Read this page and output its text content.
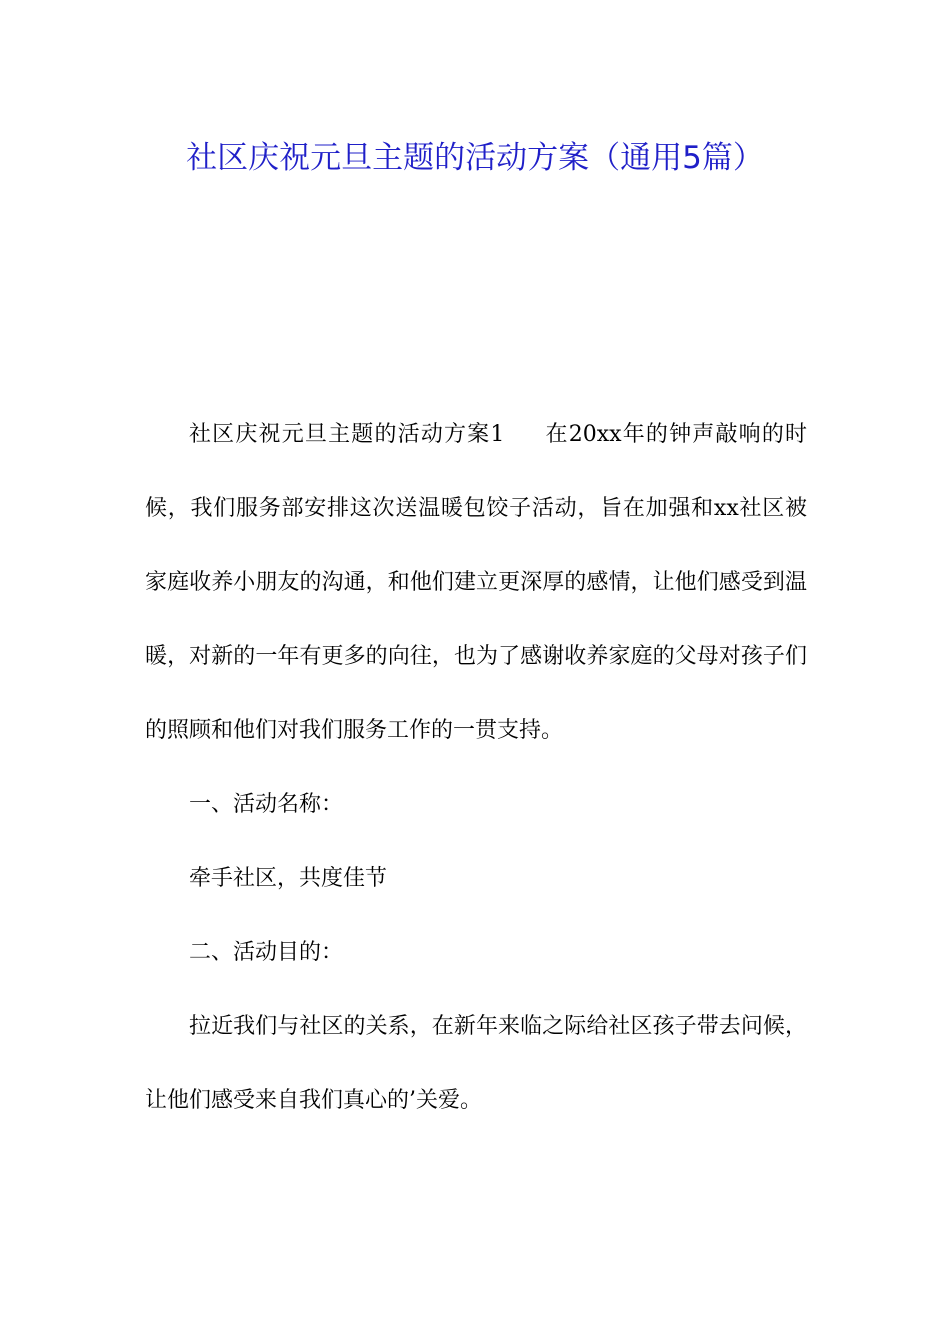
社区庆祝元旦主题的活动方案（通用5篇）

社区庆祝元旦主题的活动方案1 在20xx年的钟声敲响的时候，我们服务部安排这次送温暖包饺子活动，旨在加强和xx社区被家庭收养小朋友的沟通，和他们建立更深厚的感情，让他们感受到温暖，对新的一年有更多的向往，也为了感谢收养家庭的父母对孩子们的照顾和他们对我们服务工作的一贯支持。

一、活动名称：

牵手社区，共度佳节

二、活动目的：

拉近我们与社区的关系，在新年来临之际给社区孩子带去问候，让他们感受来自我们真心的’关爱。
